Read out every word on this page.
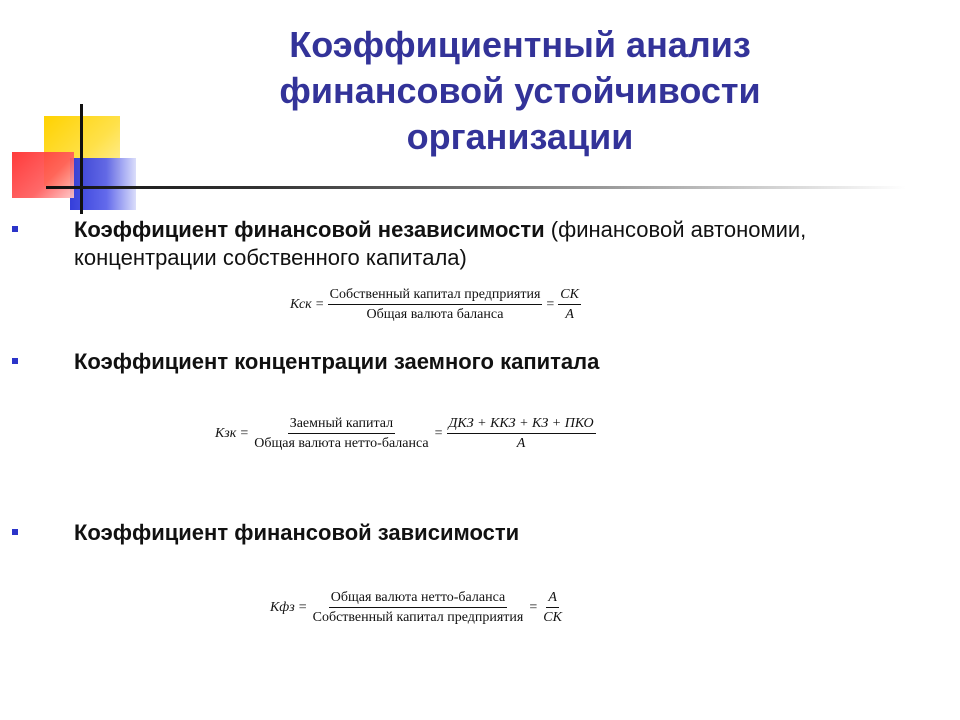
Коэффициентный анализ
финансовой устойчивости
организации
Коэффициент финансовой независимости (финансовой автономии, концентрации собственного капитала)
Кск = $\frac{\text{Собственный капитал предприятия}}{\text{Общая валюта баланса}} = \frac{СК}{А}$
Коэффициент концентрации заемного капитала
Кзк = $\frac{\text{Заемный капитал}}{\text{Общая валюта нетто-баланса}} = \frac{\text{ДКЗ + ККЗ + КЗ + ПКО}}{А}$
Коэффициент финансовой зависимости
Кфз = $\frac{\text{Общая валюта нетто-баланса}}{\text{Собственный капитал предприятия}} = \frac{А}{СК}$
